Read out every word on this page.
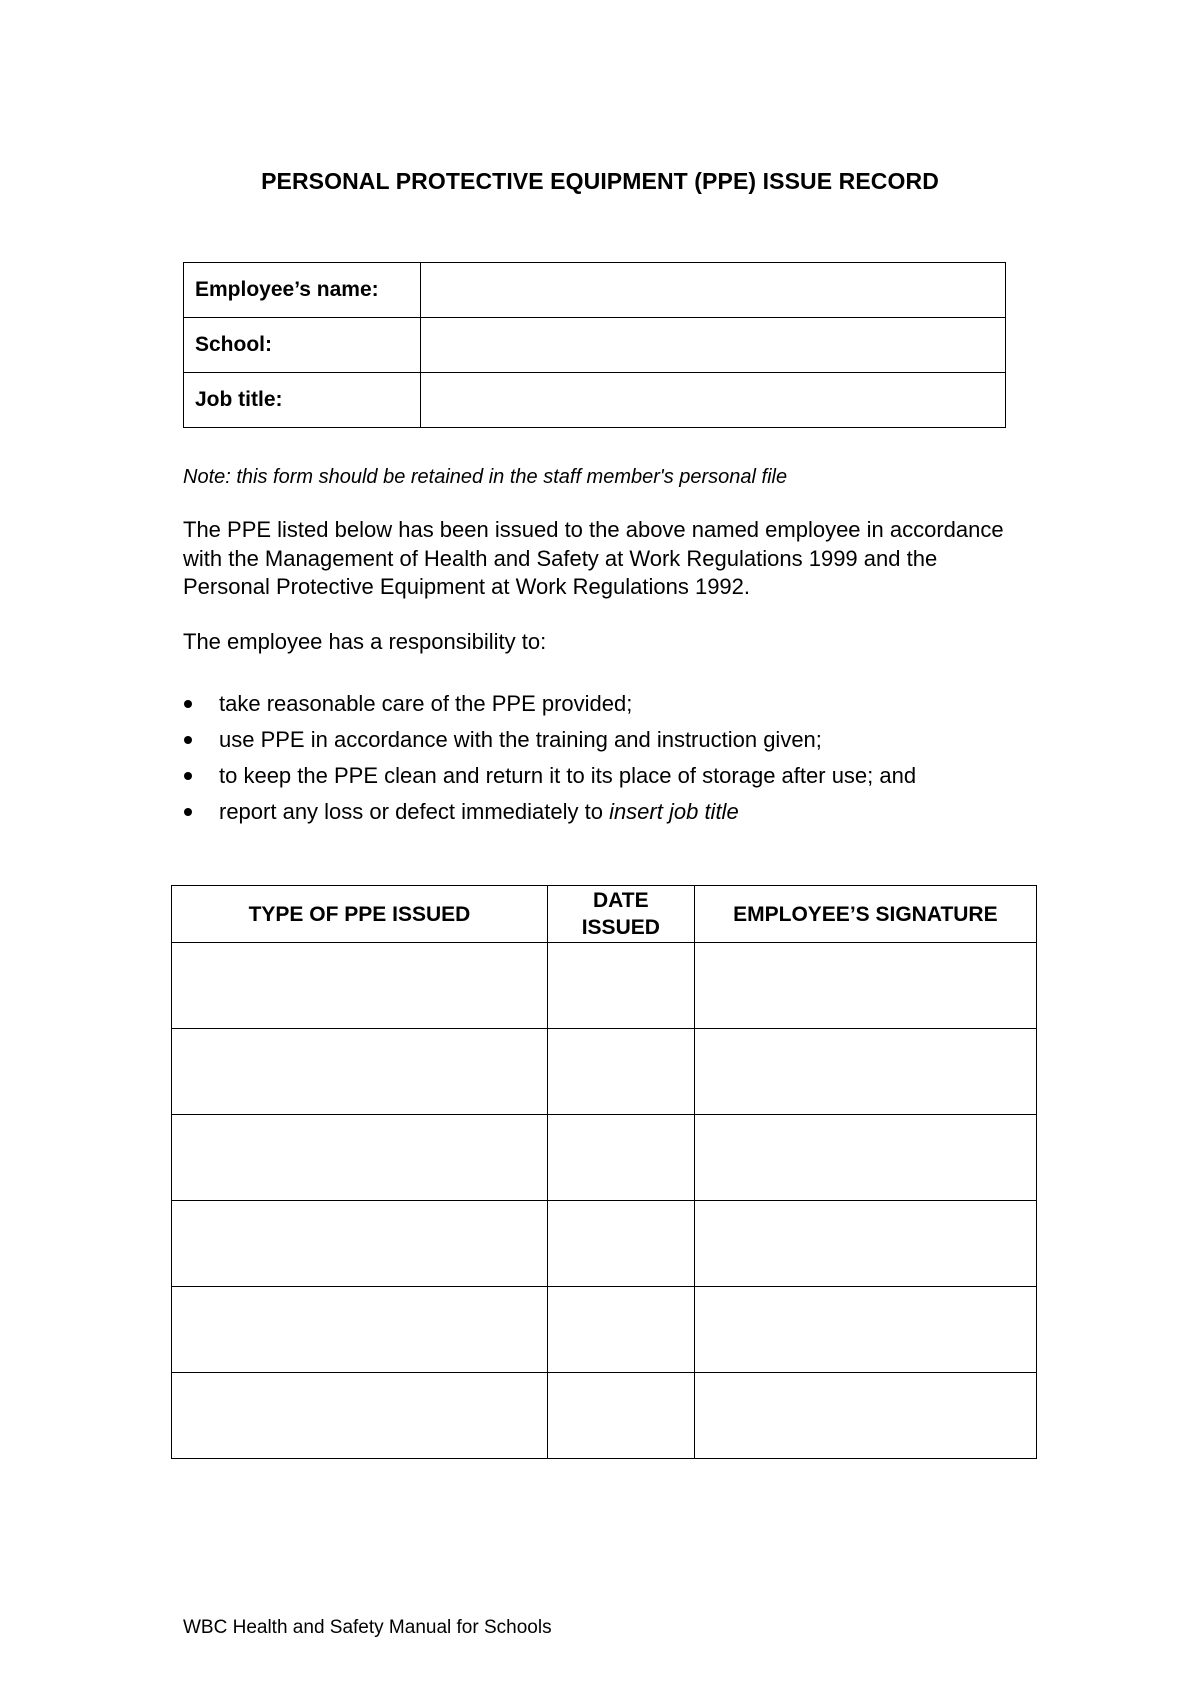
PERSONAL PROTECTIVE EQUIPMENT (PPE) ISSUE RECORD
Employee’s name:	
School:	
Job title:	
Note: this form should be retained in the staff member's personal file
The PPE listed below has been issued to the above named employee in accordance with the Management of Health and Safety at Work Regulations 1999 and the Personal Protective Equipment at Work Regulations 1992.
The employee has a responsibility to:
take reasonable care of the PPE provided;
use PPE in accordance with the training and instruction given;
to keep the PPE clean and return it to its place of storage after use; and
report any loss or defect immediately to insert job title
TYPE OF PPE ISSUED	DATE ISSUED	EMPLOYEE’S SIGNATURE

WBC Health and Safety Manual for Schools
